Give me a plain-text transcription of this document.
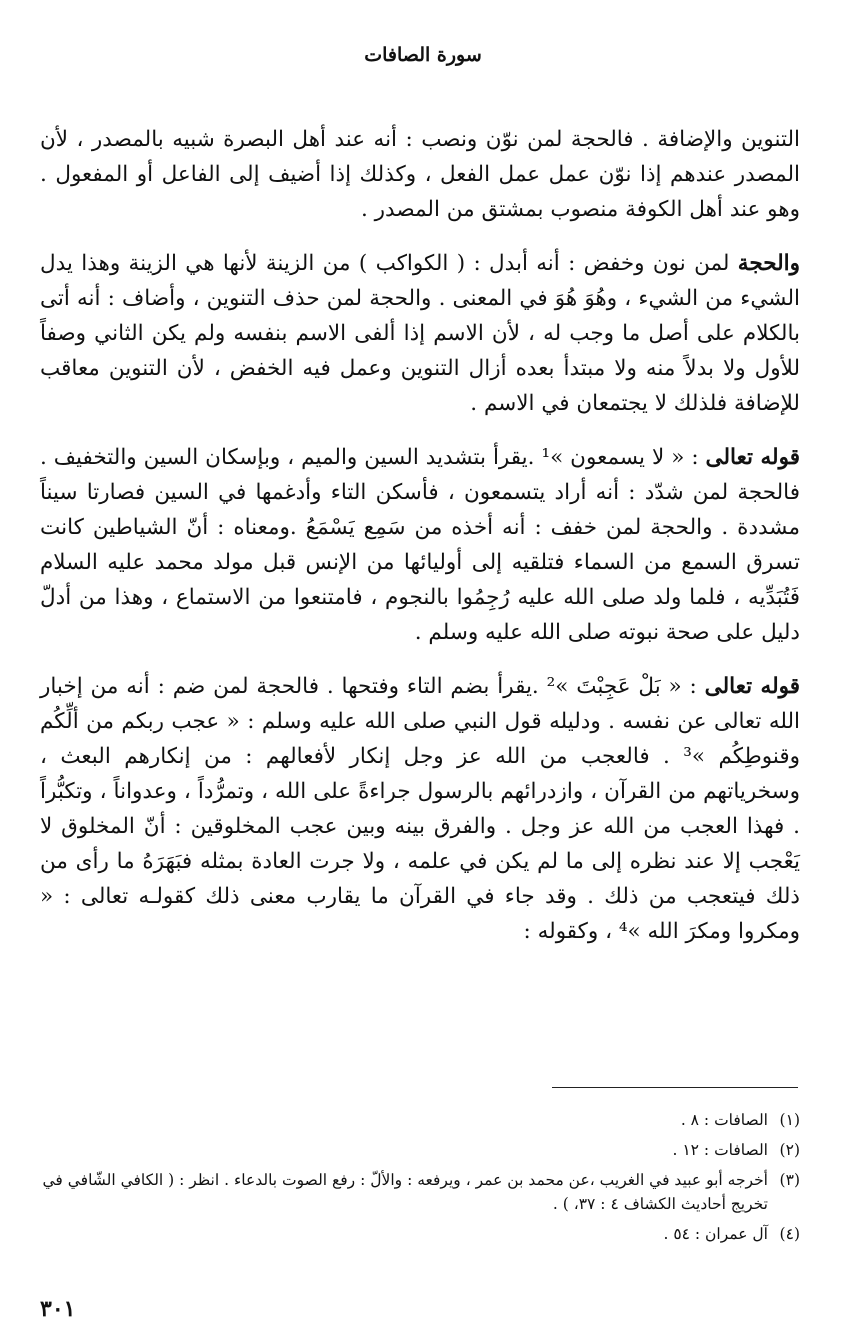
سورة الصافات

التنوين والإضافة . فالحجة لمن نوّن ونصب : أنه عند أهل البصرة شبيه بالمصدر ، لأن المصدر عندهم إذا نوّن عمل عمل الفعل ، وكذلك إذا أضيف إلى الفاعل أو المفعول . وهو عند أهل الكوفة منصوب بمشتق من المصدر .

والحجة لمن نون وخفض : أنه أبدل : ( الكواكب ) من الزينة لأنها هي الزينة وهذا يدل الشيء من الشيء ، وهُوَ هُوَ في المعنى . والحجة لمن حذف التنوين ، وأضاف : أنه أتى بالكلام على أصل ما وجب له ، لأن الاسم إذا ألفى الاسم بنفسه ولم يكن الثاني وصفاً للأول ولا بدلاً منه ولا مبتدأ بعده أزال التنوين وعمل فيه الخفض ، لأن التنوين معاقب للإضافة فلذلك لا يجتمعان في الاسم .

قوله تعالى : « لا يسمعون »¹ .يقرأ بتشديد السين والميم ، وبإسكان السين والتخفيف . فالحجة لمن شدّد : أنه أراد يتسمعون ، فأسكن التاء وأدغمها في السين فصارتا سيناً مشددة . والحجة لمن خفف : أنه أخذه من سَمِع يَسْمَعُ .ومعناه : أنّ الشياطين كانت تسرق السمع من السماء فتلقيه إلى أوليائها من الإنس قبل مولد محمد عليه السلام فَتُبَدِّيه ، فلما ولد صلى الله عليه رُجِمُوا بالنجوم ، فامتنعوا من الاستماع ، وهذا من أدلّ دليل على صحة نبوته صلى الله عليه وسلم .

قوله تعالى : « بَلْ عَجِبْتَ »² .يقرأ بضم التاء وفتحها . فالحجة لمن ضم : أنه من إخبار الله تعالى عن نفسه . ودليله قول النبي صلى الله عليه وسلم : « عجب ربكم من ألِّكُم وقنوطِكُم »³ . فالعجب من الله عز وجل إنكار لأفعالهم : من إنكارهم البعث ، وسخرياتهم من القرآن ، وازدرائهم بالرسول جراءةً على الله ، وتمرُّداً ، وعدواناً ، وتكبُّراً . فهذا العجب من الله عز وجل . والفرق بينه وبين عجب المخلوقين : أنّ المخلوق لا يَعْجب إلا عند نظره إلى ما لم يكن في علمه ، ولا جرت العادة بمثله فبَهَرَهُ ما رأى من ذلك فيتعجب من ذلك . وقد جاء في القرآن ما يقارب معنى ذلك كقولـه تعالى : « ومكروا ومكرَ الله »⁴ ، وكقوله :

(١)
الصافات : ٨ .
(٢)
الصافات : ١٢ .
(٣)
أخرجه أبو عبيد في الغريب ،عن محمد بن عمر ، ويرفعه : والألّ : رفع الصوت بالدعاء . انظر : ( الكافي الشّافي في تخريج أحاديث الكشاف ٤ : ٣٧، ) .
(٤)
آل عمران : ٥٤ .
٣٠١
